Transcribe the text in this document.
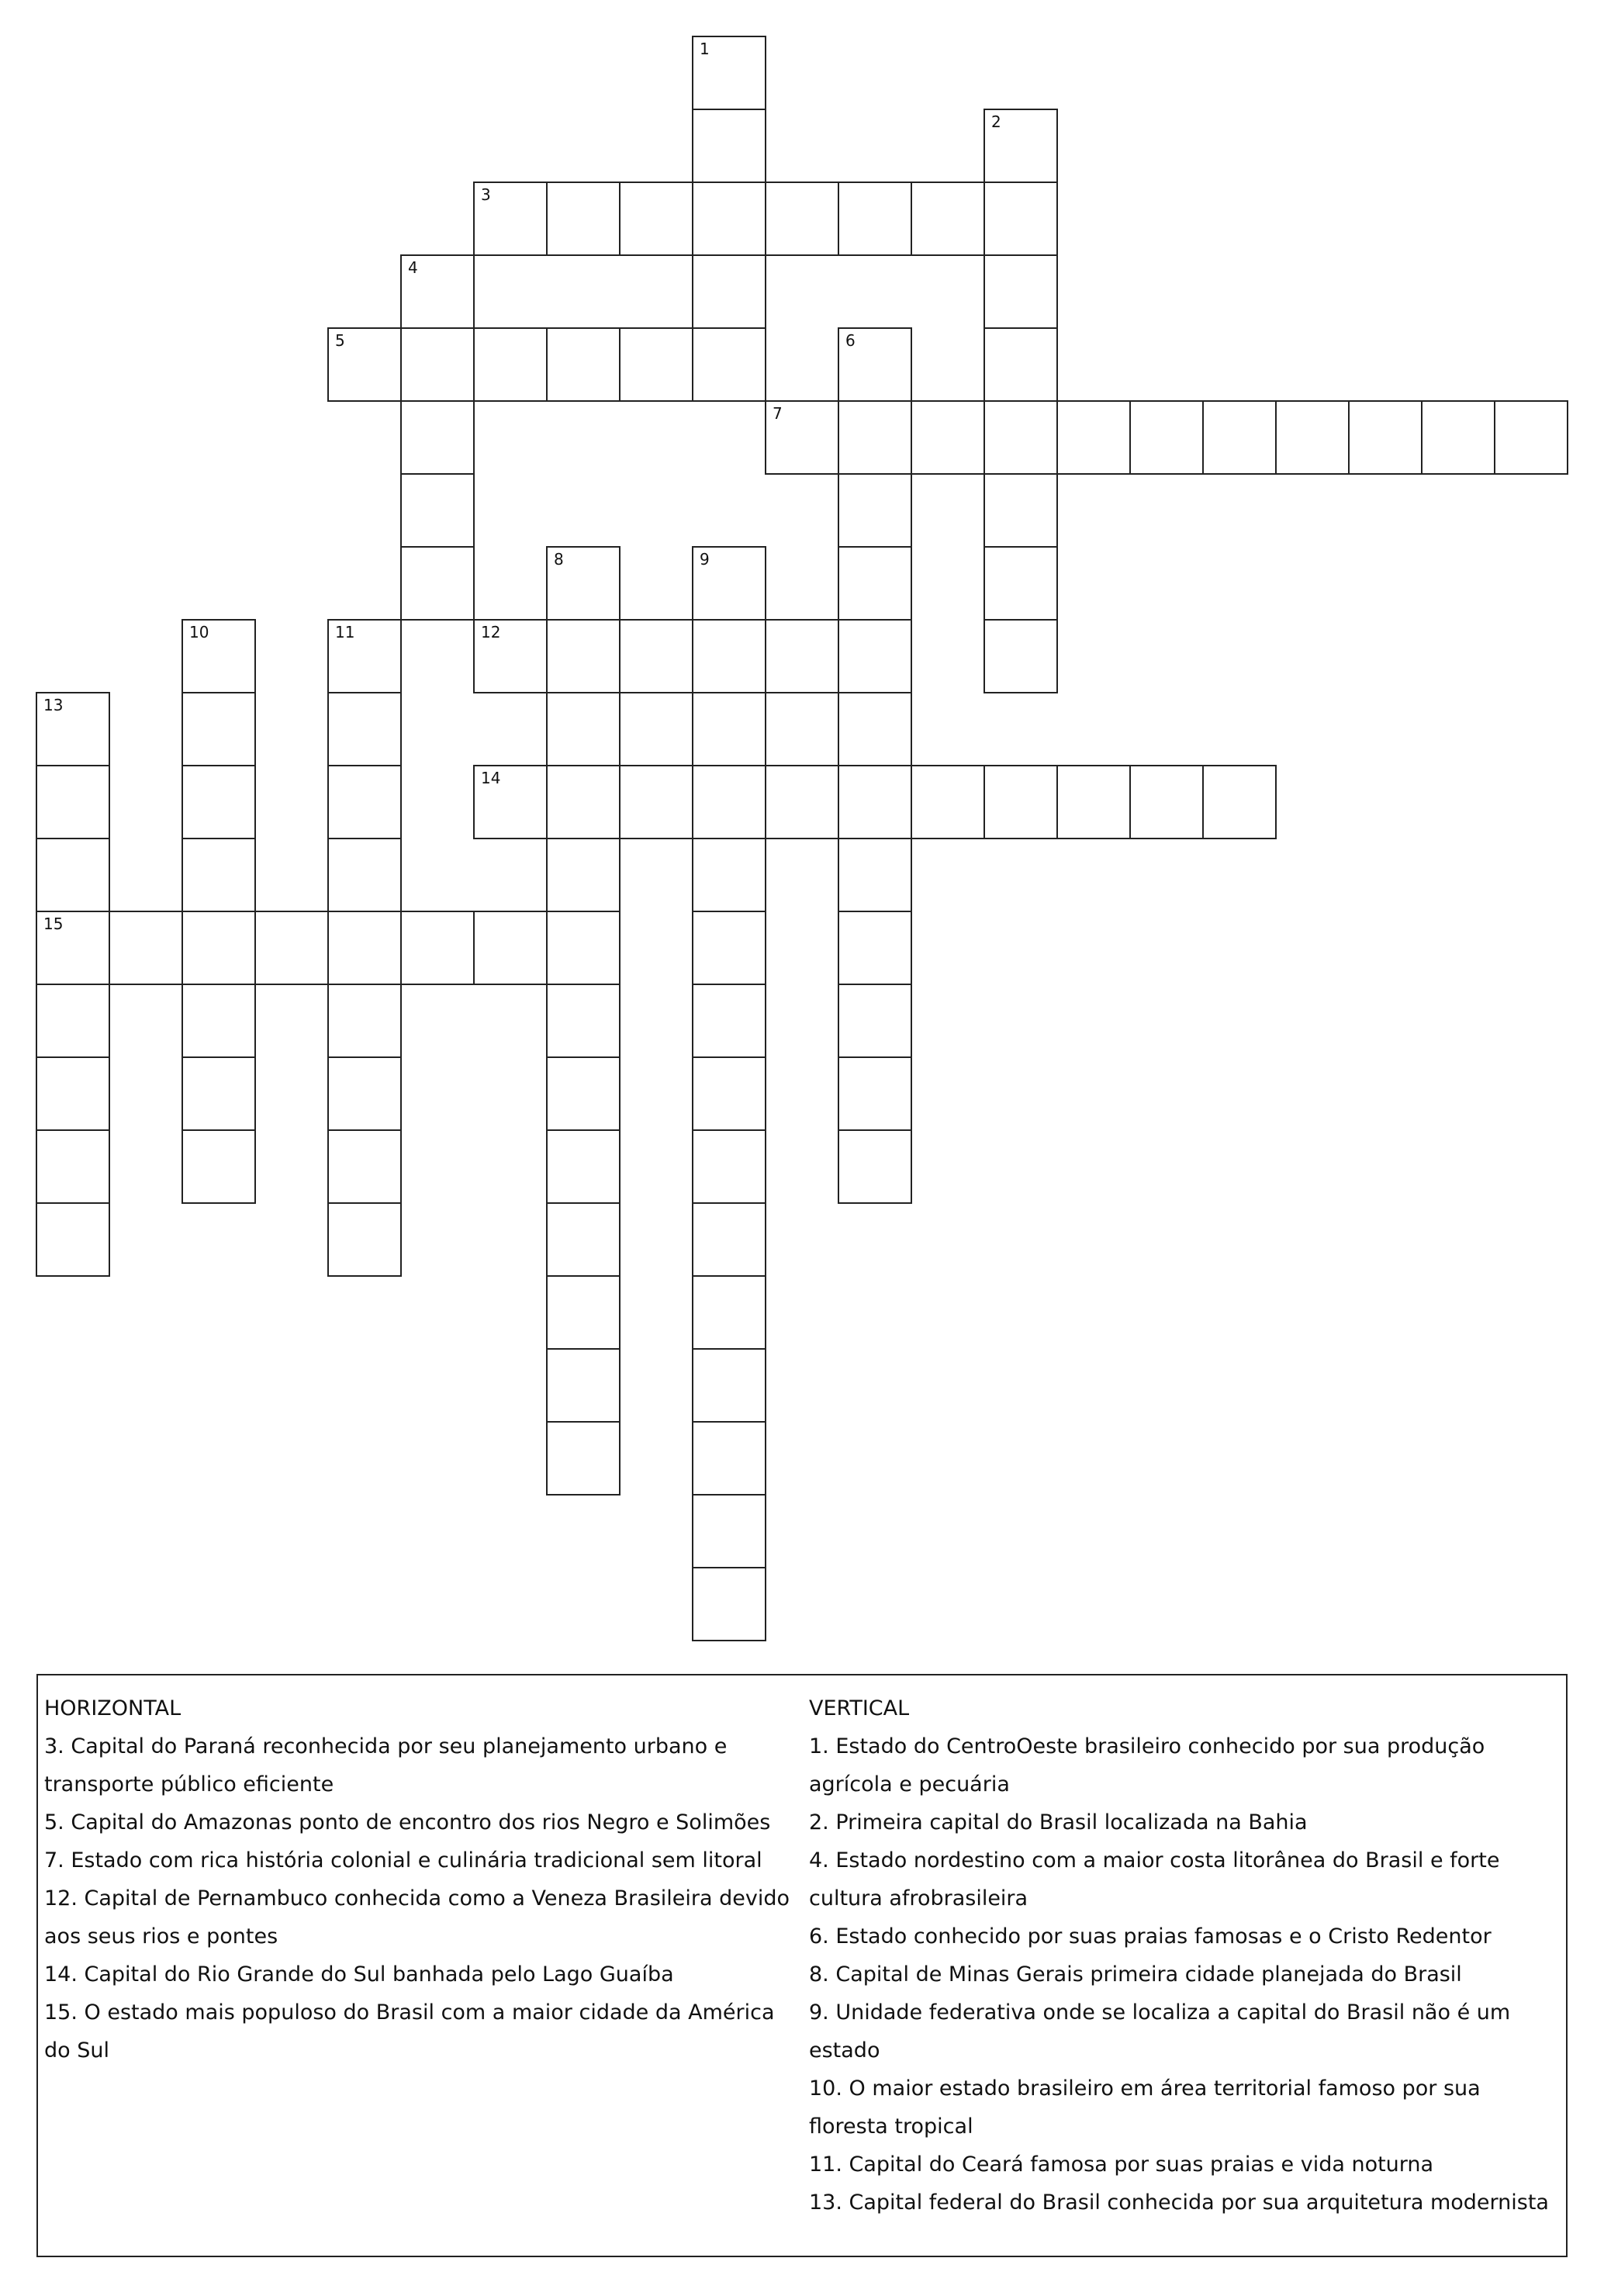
3
5
7
12
14
15
1
2
4
6
8	9
10	11
13
HORIZONTAL
3. Capital do Paraná reconhecida por seu planejamento urbano e transporte público eficiente
5. Capital do Amazonas ponto de encontro dos rios Negro e Solimões
7. Estado com rica história colonial e culinária tradicional sem litoral
12. Capital de Pernambuco conhecida como a Veneza Brasileira devido aos seus rios e pontes
14. Capital do Rio Grande do Sul banhada pelo Lago Guaíba
15. O estado mais populoso do Brasil com a maior cidade da América do Sul
VERTICAL
1. Estado do CentroOeste brasileiro conhecido por sua produção agrícola e pecuária
2. Primeira capital do Brasil localizada na Bahia
4. Estado nordestino com a maior costa litorânea do Brasil e forte cultura afrobrasileira
6. Estado conhecido por suas praias famosas e o Cristo Redentor
8. Capital de Minas Gerais primeira cidade planejada do Brasil
9. Unidade federativa onde se localiza a capital do Brasil não é um estado
10. O maior estado brasileiro em área territorial famoso por sua floresta tropical
11. Capital do Ceará famosa por suas praias e vida noturna
13. Capital federal do Brasil conhecida por sua arquitetura modernista
